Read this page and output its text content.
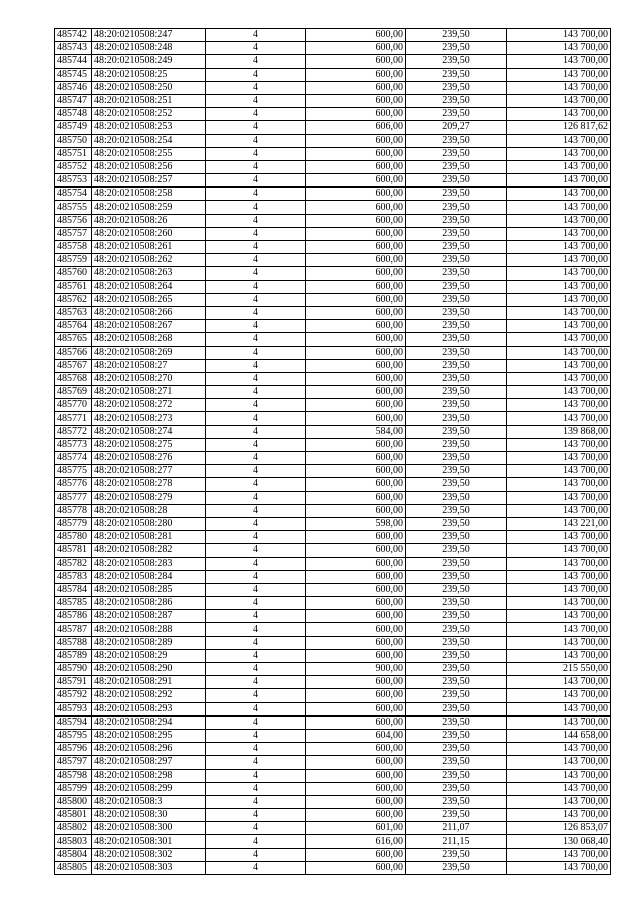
485742	48:20:0210508:247	4	600,00	239,50	143 700,00
485743	48:20:0210508:248	4	600,00	239,50	143 700,00
485744	48:20:0210508:249	4	600,00	239,50	143 700,00
485745	48:20:0210508:25	4	600,00	239,50	143 700,00
485746	48:20:0210508:250	4	600,00	239,50	143 700,00
485747	48:20:0210508:251	4	600,00	239,50	143 700,00
485748	48:20:0210508:252	4	600,00	239,50	143 700,00
485749	48:20:0210508:253	4	606,00	209,27	126 817,62
485750	48:20:0210508:254	4	600,00	239,50	143 700,00
485751	48:20:0210508:255	4	600,00	239,50	143 700,00
485752	48:20:0210508:256	4	600,00	239,50	143 700,00
485753	48:20:0210508:257	4	600,00	239,50	143 700,00
485754	48:20:0210508:258	4	600,00	239,50	143 700,00
485755	48:20:0210508:259	4	600,00	239,50	143 700,00
485756	48:20:0210508:26	4	600,00	239,50	143 700,00
485757	48:20:0210508:260	4	600,00	239,50	143 700,00
485758	48:20:0210508:261	4	600,00	239,50	143 700,00
485759	48:20:0210508:262	4	600,00	239,50	143 700,00
485760	48:20:0210508:263	4	600,00	239,50	143 700,00
485761	48:20:0210508:264	4	600,00	239,50	143 700,00
485762	48:20:0210508:265	4	600,00	239,50	143 700,00
485763	48:20:0210508:266	4	600,00	239,50	143 700,00
485764	48:20:0210508:267	4	600,00	239,50	143 700,00
485765	48:20:0210508:268	4	600,00	239,50	143 700,00
485766	48:20:0210508:269	4	600,00	239,50	143 700,00
485767	48:20:0210508:27	4	600,00	239,50	143 700,00
485768	48:20:0210508:270	4	600,00	239,50	143 700,00
485769	48:20:0210508:271	4	600,00	239,50	143 700,00
485770	48:20:0210508:272	4	600,00	239,50	143 700,00
485771	48:20:0210508:273	4	600,00	239,50	143 700,00
485772	48:20:0210508:274	4	584,00	239,50	139 868,00
485773	48:20:0210508:275	4	600,00	239,50	143 700,00
485774	48:20:0210508:276	4	600,00	239,50	143 700,00
485775	48:20:0210508:277	4	600,00	239,50	143 700,00
485776	48:20:0210508:278	4	600,00	239,50	143 700,00
485777	48:20:0210508:279	4	600,00	239,50	143 700,00
485778	48:20:0210508:28	4	600,00	239,50	143 700,00
485779	48:20:0210508:280	4	598,00	239,50	143 221,00
485780	48:20:0210508:281	4	600,00	239,50	143 700,00
485781	48:20:0210508:282	4	600,00	239,50	143 700,00
485782	48:20:0210508:283	4	600,00	239,50	143 700,00
485783	48:20:0210508:284	4	600,00	239,50	143 700,00
485784	48:20:0210508:285	4	600,00	239,50	143 700,00
485785	48:20:0210508:286	4	600,00	239,50	143 700,00
485786	48:20:0210508:287	4	600,00	239,50	143 700,00
485787	48:20:0210508:288	4	600,00	239,50	143 700,00
485788	48:20:0210508:289	4	600,00	239,50	143 700,00
485789	48:20:0210508:29	4	600,00	239,50	143 700,00
485790	48:20:0210508:290	4	900,00	239,50	215 550,00
485791	48:20:0210508:291	4	600,00	239,50	143 700,00
485792	48:20:0210508:292	4	600,00	239,50	143 700,00
485793	48:20:0210508:293	4	600,00	239,50	143 700,00
485794	48:20:0210508:294	4	600,00	239,50	143 700,00
485795	48:20:0210508:295	4	604,00	239,50	144 658,00
485796	48:20:0210508:296	4	600,00	239,50	143 700,00
485797	48:20:0210508:297	4	600,00	239,50	143 700,00
485798	48:20:0210508:298	4	600,00	239,50	143 700,00
485799	48:20:0210508:299	4	600,00	239,50	143 700,00
485800	48:20:0210508:3	4	600,00	239,50	143 700,00
485801	48:20:0210508:30	4	600,00	239,50	143 700,00
485802	48:20:0210508:300	4	601,00	211,07	126 853,07
485803	48:20:0210508:301	4	616,00	211,15	130 068,40
485804	48:20:0210508:302	4	600,00	239,50	143 700,00
485805	48:20:0210508:303	4	600,00	239,50	143 700,00
